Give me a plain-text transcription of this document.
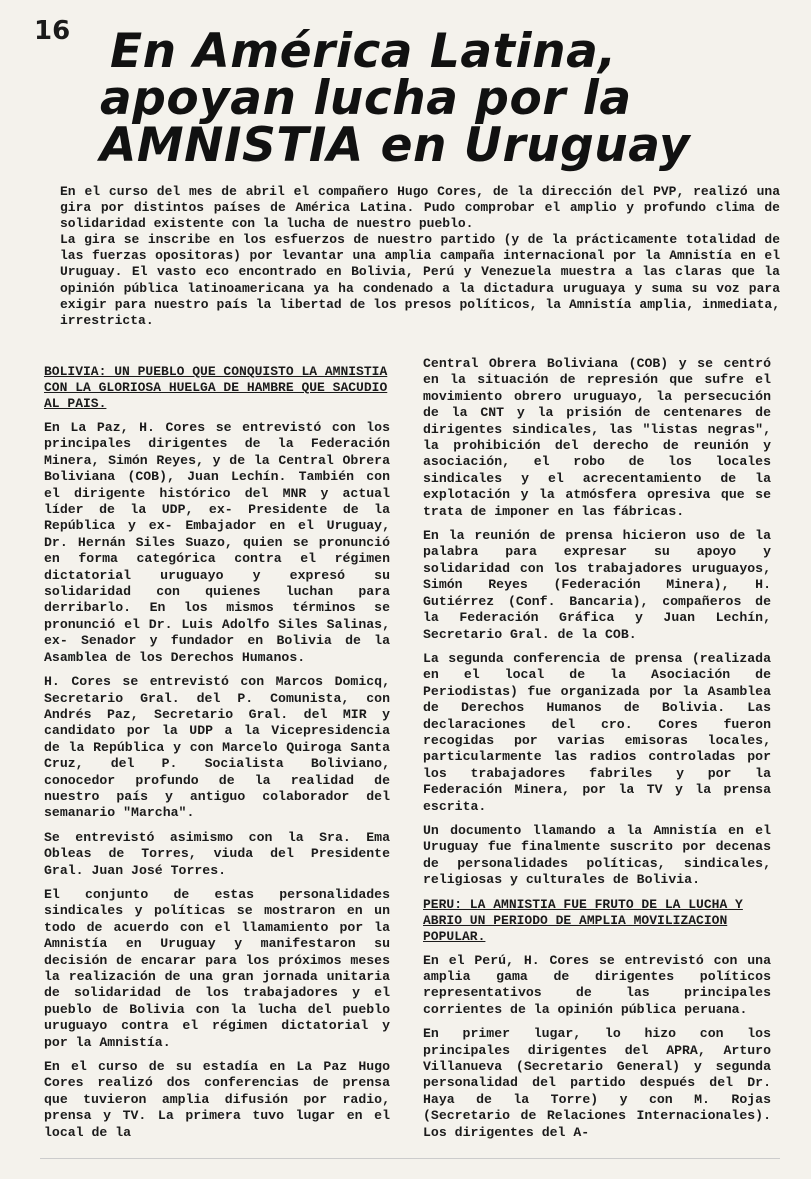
16 En América Latina,
apoyan lucha por la
AMNISTIA en Uruguay

En el curso del mes de abril el compañero Hugo Cores, de la dirección del PVP, realizó una gira por distintos países de América Latina. Pudo comprobar el amplio y profundo clima de solidaridad existente con la lucha de nuestro pueblo.

La gira se inscribe en los esfuerzos de nuestro partido (y de la prácticamente totalidad de las fuerzas opositoras) por levantar una amplia campaña internacional por la Amnistía en el Uruguay. El vasto eco encontrado en Bolivia, Perú y Venezuela muestra a las claras que la opinión pública latinoamericana ya ha condenado a la dictadura uruguaya y suma su voz para exigir para nuestro país la libertad de los presos políticos, la Amnistía amplia, inmediata, irrestricta.

BOLIVIA: UN PUEBLO QUE CONQUISTO LA AMNISTIA CON LA GLORIOSA HUELGA DE HAMBRE QUE SACUDIO AL PAIS.

En La Paz, H. Cores se entrevistó con los principales dirigentes de la Federación Minera, Simón Reyes, y de la Central Obrera Boliviana (COB), Juan Lechín. También con el dirigente histórico del MNR y actual líder de la UDP, ex- Presidente de la República y ex- Embajador en el Uruguay, Dr. Hernán Siles Suazo, quien se pronunció en forma categórica contra el régimen dictatorial uruguayo y expresó su solidaridad con quienes luchan para derribarlo. En los mismos términos se pronunció el Dr. Luis Adolfo Siles Salinas, ex- Senador y fundador en Bolivia de la Asamblea de los Derechos Humanos.

H. Cores se entrevistó con Marcos Domicq, Secretario Gral. del P. Comunista, con Andrés Paz, Secretario Gral. del MIR y candidato por la UDP a la Vicepresidencia de la República y con Marcelo Quiroga Santa Cruz, del P. Socialista Boliviano, conocedor profundo de la realidad de nuestro país y antiguo colaborador del semanario "Marcha".

Se entrevistó asimismo con la Sra. Ema Obleas de Torres, viuda del Presidente Gral. Juan José Torres.

El conjunto de estas personalidades sindicales y políticas se mostraron en un todo de acuerdo con el llamamiento por la Amnistía en Uruguay y manifestaron su decisión de encarar para los próximos meses la realización de una gran jornada unitaria de solidaridad de los trabajadores y el pueblo de Bolivia con la lucha del pueblo uruguayo contra el régimen dictatorial y por la Amnistía.

En el curso de su estadía en La Paz Hugo Cores realizó dos conferencias de prensa que tuvieron amplia difusión por radio, prensa y TV. La primera tuvo lugar en el local de la

Central Obrera Boliviana (COB) y se centró en la situación de represión que sufre el movimiento obrero uruguayo, la persecución de la CNT y la prisión de centenares de dirigentes sindicales, las "listas negras", la prohibición del derecho de reunión y asociación, el robo de los locales sindicales y el acrecentamiento de la explotación y la atmósfera opresiva que se trata de imponer en las fábricas.

En la reunión de prensa hicieron uso de la palabra para expresar su apoyo y solidaridad con los trabajadores uruguayos, Simón Reyes (Federación Minera), H. Gutiérrez (Conf. Bancaria), compañeros de la Federación Gráfica y Juan Lechín, Secretario Gral. de la COB.

La segunda conferencia de prensa (realizada en el local de la Asociación de Periodistas) fue organizada por la Asamblea de Derechos Humanos de Bolivia. Las declaraciones del cro. Cores fueron recogidas por varias emisoras locales, particularmente las radios controladas por los trabajadores fabriles y por la Federación Minera, por la TV y la prensa escrita.

Un documento llamando a la Amnistía en el Uruguay fue finalmente suscrito por decenas de personalidades políticas, sindicales, religiosas y culturales de Bolivia.

PERU: LA AMNISTIA FUE FRUTO DE LA LUCHA Y ABRIO UN PERIODO DE AMPLIA MOVILIZACION POPULAR.

En el Perú, H. Cores se entrevistó con una amplia gama de dirigentes políticos representativos de las principales corrientes de la opinión pública peruana.

En primer lugar, lo hizo con los principales dirigentes del APRA, Arturo Villanueva (Secretario General) y segunda personalidad del partido después del Dr. Haya de la Torre) y con M. Rojas (Secretario de Relaciones Internacionales). Los dirigentes del A-
